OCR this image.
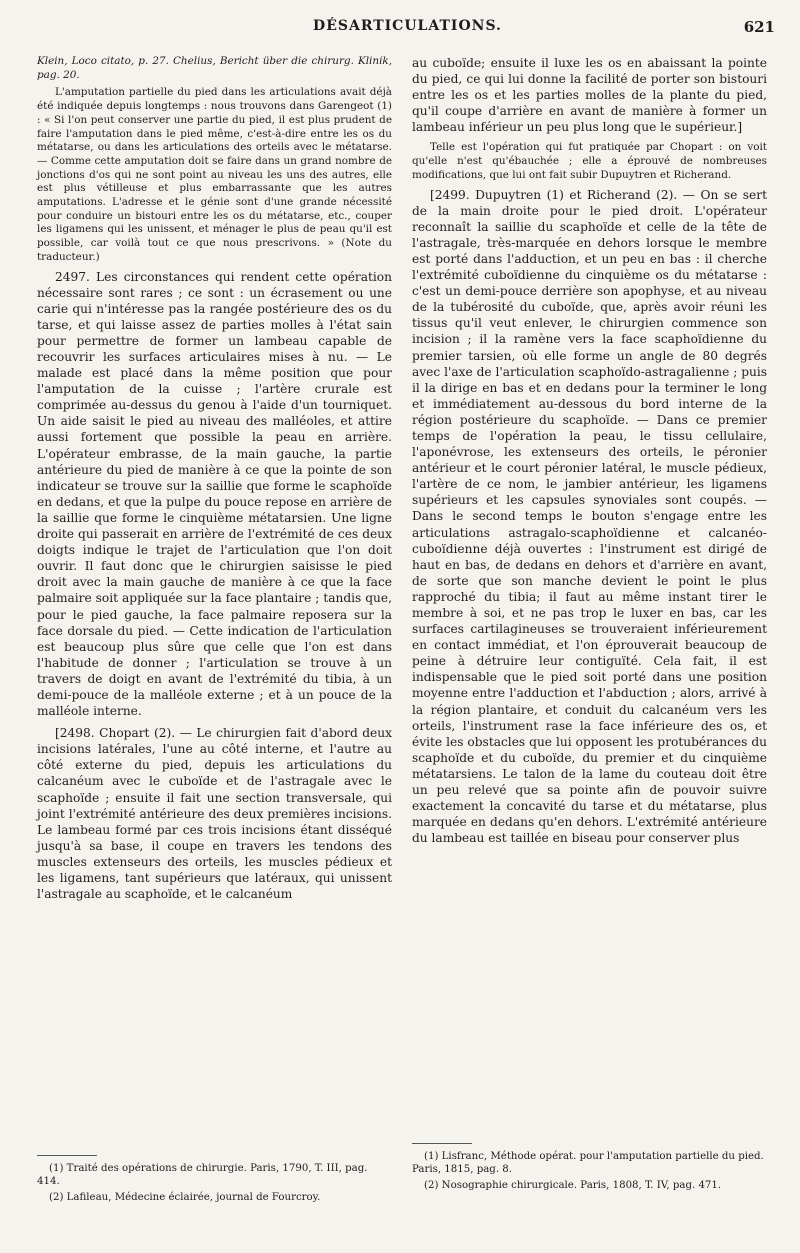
DÉSARTICULATIONS.	621

Klein, Loco citato, p. 27. Chelius, Bericht über die chirurg. Klinik, pag. 20.

L'amputation partielle du pied dans les articulations avait déjà été indiquée depuis longtemps : nous trouvons dans Garengeot (1) : « Si l'on peut conserver une partie du pied, il est plus prudent de faire l'amputation dans le pied même, c'est-à-dire entre les os du métatarse, ou dans les articulations des orteils avec le métatarse. — Comme cette amputation doit se faire dans un grand nombre de jonctions d'os qui ne sont point au niveau les uns des autres, elle est plus vétilleuse et plus embarrassante que les autres amputations. L'adresse et le génie sont d'une grande nécessité pour conduire un bistouri entre les os du métatarse, etc., couper les ligamens qui les unissent, et ménager le plus de peau qu'il est possible, car voilà tout ce que nous prescrivons. » (Note du traducteur.)

2497. Les circonstances qui rendent cette opération nécessaire sont rares ; ce sont : un écrasement ou une carie qui n'intéresse pas la rangée postérieure des os du tarse, et qui laisse assez de parties molles à l'état sain pour permettre de former un lambeau capable de recouvrir les surfaces articulaires mises à nu. — Le malade est placé dans la même position que pour l'amputation de la cuisse ; l'artère crurale est comprimée au-dessus du genou à l'aide d'un tourniquet. Un aide saisit le pied au niveau des malléoles, et attire aussi fortement que possible la peau en arrière. L'opérateur embrasse, de la main gauche, la partie antérieure du pied de manière à ce que la pointe de son indicateur se trouve sur la saillie que forme le scaphoïde en dedans, et que la pulpe du pouce repose en arrière de la saillie que forme le cinquième métatarsien. Une ligne droite qui passerait en arrière de l'extrémité de ces deux doigts indique le trajet de l'articulation que l'on doit ouvrir. Il faut donc que le chirurgien saisisse le pied droit avec la main gauche de manière à ce que la face palmaire soit appliquée sur la face plantaire ; tandis que, pour le pied gauche, la face palmaire reposera sur la face dorsale du pied. — Cette indication de l'articulation est beaucoup plus sûre que celle que l'on est dans l'habitude de donner ; l'articulation se trouve à un travers de doigt en avant de l'extrémité du tibia, à un demi-pouce de la malléole externe ; et à un pouce de la malléole interne.

[2498. Chopart (2). — Le chirurgien fait d'abord deux incisions latérales, l'une au côté interne, et l'autre au côté externe du pied, depuis les articulations du calcanéum avec le cuboïde et de l'astragale avec le scaphoïde ; ensuite il fait une section transversale, qui joint l'extrémité antérieure des deux premières incisions. Le lambeau formé par ces trois incisions étant disséqué jusqu'à sa base, il coupe en travers les tendons des muscles extenseurs des orteils, les muscles pédieux et les ligamens, tant supérieurs que latéraux, qui unissent l'astragale au scaphoïde, et le calcanéum

(1) Traité des opérations de chirurgie. Paris, 1790, T. III, pag. 414.

(2) Lafileau, Médecine éclairée, journal de Fourcroy.

au cuboïde; ensuite il luxe les os en abaissant la pointe du pied, ce qui lui donne la facilité de porter son bistouri entre les os et les parties molles de la plante du pied, qu'il coupe d'arrière en avant de manière à former un lambeau inférieur un peu plus long que le supérieur.]

Telle est l'opération qui fut pratiquée par Chopart : on voit qu'elle n'est qu'ébauchée ; elle a éprouvé de nombreuses modifications, que lui ont fait subir Dupuytren et Richerand.

[2499. Dupuytren (1) et Richerand (2). — On se sert de la main droite pour le pied droit. L'opérateur reconnaît la saillie du scaphoïde et celle de la tête de l'astragale, très-marquée en dehors lorsque le membre est porté dans l'adduction, et un peu en bas : il cherche l'extrémité cuboïdienne du cinquième os du métatarse : c'est un demi-pouce derrière son apophyse, et au niveau de la tubérosité du cuboïde, que, après avoir réuni les tissus qu'il veut enlever, le chirurgien commence son incision ; il la ramène vers la face scaphoïdienne du premier tarsien, où elle forme un angle de 80 degrés avec l'axe de l'articulation scaphoïdo-astragalienne ; puis il la dirige en bas et en dedans pour la terminer le long et immédiatement au-dessous du bord interne de la région postérieure du scaphoïde. — Dans ce premier temps de l'opération la peau, le tissu cellulaire, l'aponévrose, les extenseurs des orteils, le péronier antérieur et le court péronier latéral, le muscle pédieux, l'artère de ce nom, le jambier antérieur, les ligamens supérieurs et les capsules synoviales sont coupés. —Dans le second temps le bouton s'engage entre les articulations astragalo-scaphoïdienne et calcanéo-cuboïdienne déjà ouvertes : l'instrument est dirigé de haut en bas, de dedans en dehors et d'arrière en avant, de sorte que son manche devient le point le plus rapproché du tibia; il faut au même instant tirer le membre à soi, et ne pas trop le luxer en bas, car les surfaces cartilagineuses se trouveraient inférieurement en contact immédiat, et l'on éprouverait beaucoup de peine à détruire leur contiguïté. Cela fait, il est indispensable que le pied soit porté dans une position moyenne entre l'adduction et l'abduction ; alors, arrivé à la région plantaire, et conduit du calcanéum vers les orteils, l'instrument rase la face inférieure des os, et évite les obstacles que lui opposent les protubérances du scaphoïde et du cuboïde, du premier et du cinquième métatarsiens. Le talon de la lame du couteau doit être un peu relevé que sa pointe afin de pouvoir suivre exactement la concavité du tarse et du métatarse, plus marquée en dedans qu'en dehors. L'extrémité antérieure du lambeau est taillée en biseau pour conserver plus

(1) Lisfranc, Méthode opérat. pour l'amputation partielle du pied. Paris, 1815, pag. 8.

(2) Nosographie chirurgicale. Paris, 1808, T. IV, pag. 471.
